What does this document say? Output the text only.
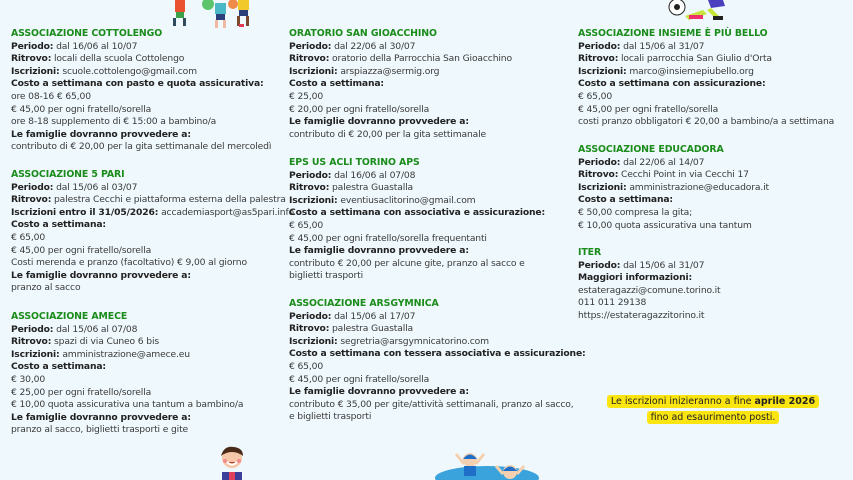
ASSOCIAZIONE COTTOLENGO
Periodo: dal 16/06 al 10/07
Ritrovo: locali della scuola Cottolengo
Iscrizioni: scuole.cottolengo@gmail.com
Costo a settimana con pasto e quota assicurativa:
ore 08-16 € 65,00
€ 45,00 per ogni fratello/sorella
ore 8-18 supplemento di € 15:00 a bambino/a
Le famiglie dovranno provvedere a:
contributo di € 20,00 per la gita settimanale del mercoledì
ASSOCIAZIONE 5 PARI
Periodo: dal 15/06 al 03/07
Ritrovo: palestra Cecchi e piattaforma esterna della palestra
Iscrizioni entro il 31/05/2026: accademiasport@as5pari.info
Costo a settimana:
€ 65,00
€ 45,00 per ogni fratello/sorella
Costi merenda e pranzo (facoltativo) € 9,00 al giorno
Le famiglie dovranno provvedere a:
pranzo al sacco
ASSOCIAZIONE AMECE
Periodo: dal 15/06 al 07/08
Ritrovo: spazi di via Cuneo 6 bis
Iscrizioni: amministrazione@amece.eu
Costo a settimana:
€ 30,00
€ 25,00 per ogni fratello/sorella
€ 10,00 quota assicurativa una tantum a bambino/a
Le famiglie dovranno provvedere a:
pranzo al sacco, biglietti trasporti e gite
ORATORIO SAN GIOACCHINO
Periodo: dal 22/06 al 30/07
Ritrovo: oratorio della Parrocchia San Gioacchino
Iscrizioni: arspiazza@sermig.org
Costo a settimana:
€ 25,00
€ 20,00 per ogni fratello/sorella
Le famiglie dovranno provvedere a:
contributo di € 20,00 per la gita settimanale
EPS US ACLI TORINO APS
Periodo: dal 16/06 al 07/08
Ritrovo: palestra Guastalla
Iscrizioni: eventiusaclitorino@gmail.com
Costo a settimana con associativa e assicurazione:
€ 65,00
€ 45,00 per ogni fratello/sorella frequentanti
Le famiglie dovranno provvedere a:
contributo € 20,00 per alcune gite, pranzo al sacco e
biglietti trasporti
ASSOCIAZIONE ARSGYMNICA
Periodo: dal 15/06 al 17/07
Ritrovo: palestra Guastalla
Iscrizioni: segretria@arsgymnicatorino.com
Costo a settimana con tessera associativa e assicurazione:
€ 65,00
€ 45,00 per ogni fratello/sorella
Le famiglie dovranno provvedere a:
contributo € 35,00 per gite/attività settimanali, pranzo al sacco,
e biglietti trasporti
ASSOCIAZIONE INSIEME È PIÙ BELLO
Periodo: dal 15/06 al 31/07
Ritrovo: locali parrocchia San Giulio d'Orta
Iscrizioni: marco@insiemepiubello.org
Costo a settimana con assicurazione:
€ 65,00
€ 45,00 per ogni fratello/sorella
costi pranzo obbligatori € 20,00 a bambino/a a settimana
ASSOCIAZIONE EDUCADORA
Periodo: dal 22/06 al 14/07
Ritrovo: Cecchi Point in via Cecchi 17
Iscrizioni: amministrazione@educadora.it
Costo a settimana:
€ 50,00 compresa la gita;
€ 10,00 quota assicurativa una tantum
ITER
Periodo: dal 15/06 al 31/07
Maggiori informazioni:
estateragazzi@comune.torino.it
011 011 29138
https://estateragazzitorino.it
Le iscrizioni inizieranno a fine aprile 2026
fino ad esaurimento posti.
